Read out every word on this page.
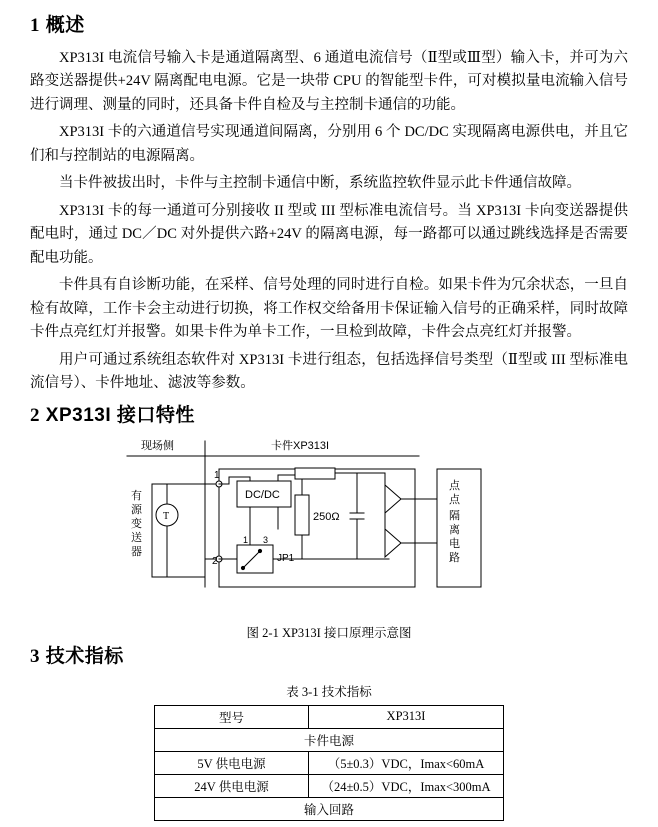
1 概述

XP313I 电流信号输入卡是通道隔离型、6 通道电流信号（Ⅱ型或Ⅲ型）输入卡，并可为六路变送器提供+24V 隔离配电电源。它是一块带 CPU 的智能型卡件，可对模拟量电流输入信号进行调理、测量的同时，还具备卡件自检及与主控制卡通信的功能。

XP313I 卡的六通道信号实现通道间隔离，分别用 6 个 DC/DC 实现隔离电源供电，并且它们和与控制站的电源隔离。

当卡件被拔出时，卡件与主控制卡通信中断，系统监控软件显示此卡件通信故障。

XP313I 卡的每一通道可分别接收 II 型或 III 型标准电流信号。当 XP313I 卡向变送器提供配电时，通过 DC／DC 对外提供六路+24V 的隔离电源，每一路都可以通过跳线选择是否需要配电功能。

卡件具有自诊断功能，在采样、信号处理的同时进行自检。如果卡件为冗余状态，一旦自检有故障，工作卡会主动进行切换，将工作权交给备用卡保证输入信号的正确采样，同时故障卡件点亮红灯并报警。如果卡件为单卡工作，一旦检到故障，卡件会点亮红灯并报警。

用户可通过系统组态软件对 XP313I 卡进行组态，包括选择信号类型（Ⅱ型或 III 型标准电流信号）、卡件地址、滤波等参数。

2 XP313I 接口特性
现场侧	卡件XP313I
1
2
T
有
源
变
送
器
DC/DC
1 3
JP1
250Ω
点
点
隔
离
电
路
图 2-1 XP313I 接口原理示意图
3 技术指标
表 3-1 技术指标
型号	XP313I
卡件电源	
5V 供电电源	（5±0.3）VDC，Imax<60mA
24V 供电电源	（24±0.5）VDC，Imax<300mA
输入回路	
